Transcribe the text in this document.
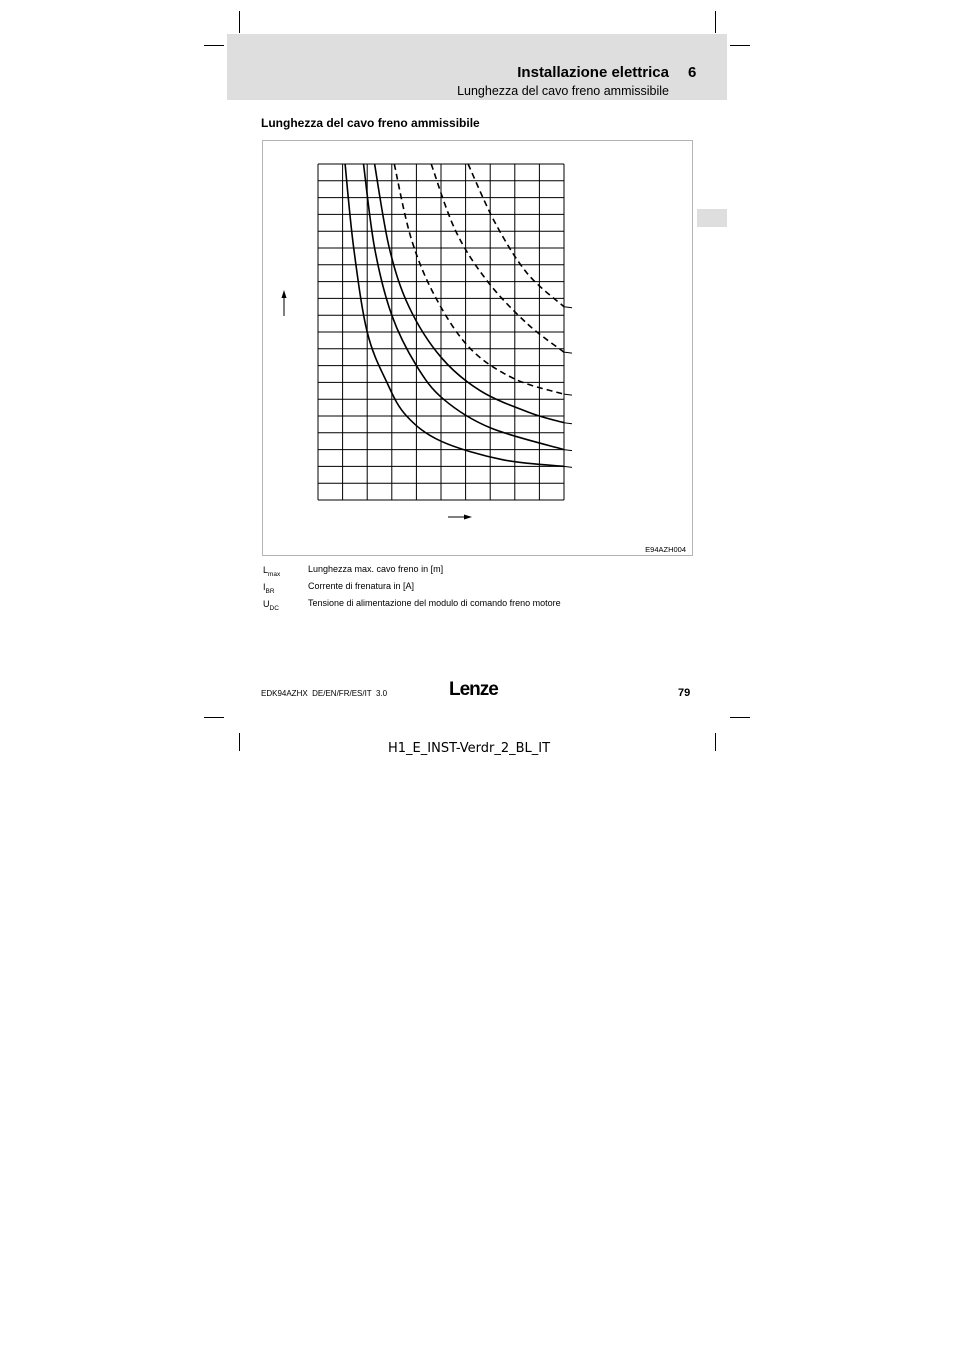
Installazione elettrica 6
Lunghezza del cavo freno ammissibile
Lunghezza del cavo freno ammissibile
E94AZH004
$L_{max}$
Lunghezza max. cavo freno in [m]
$I_{BR}$
Corrente di frenatura in [A]
$U_{DC}$
Tensione di alimentazione del modulo di comando freno motore
EDK94AZHX  DE/EN/FR/ES/IT  3.0	Lenze	79
H1_E_INST-Verdr_2_BL_IT
